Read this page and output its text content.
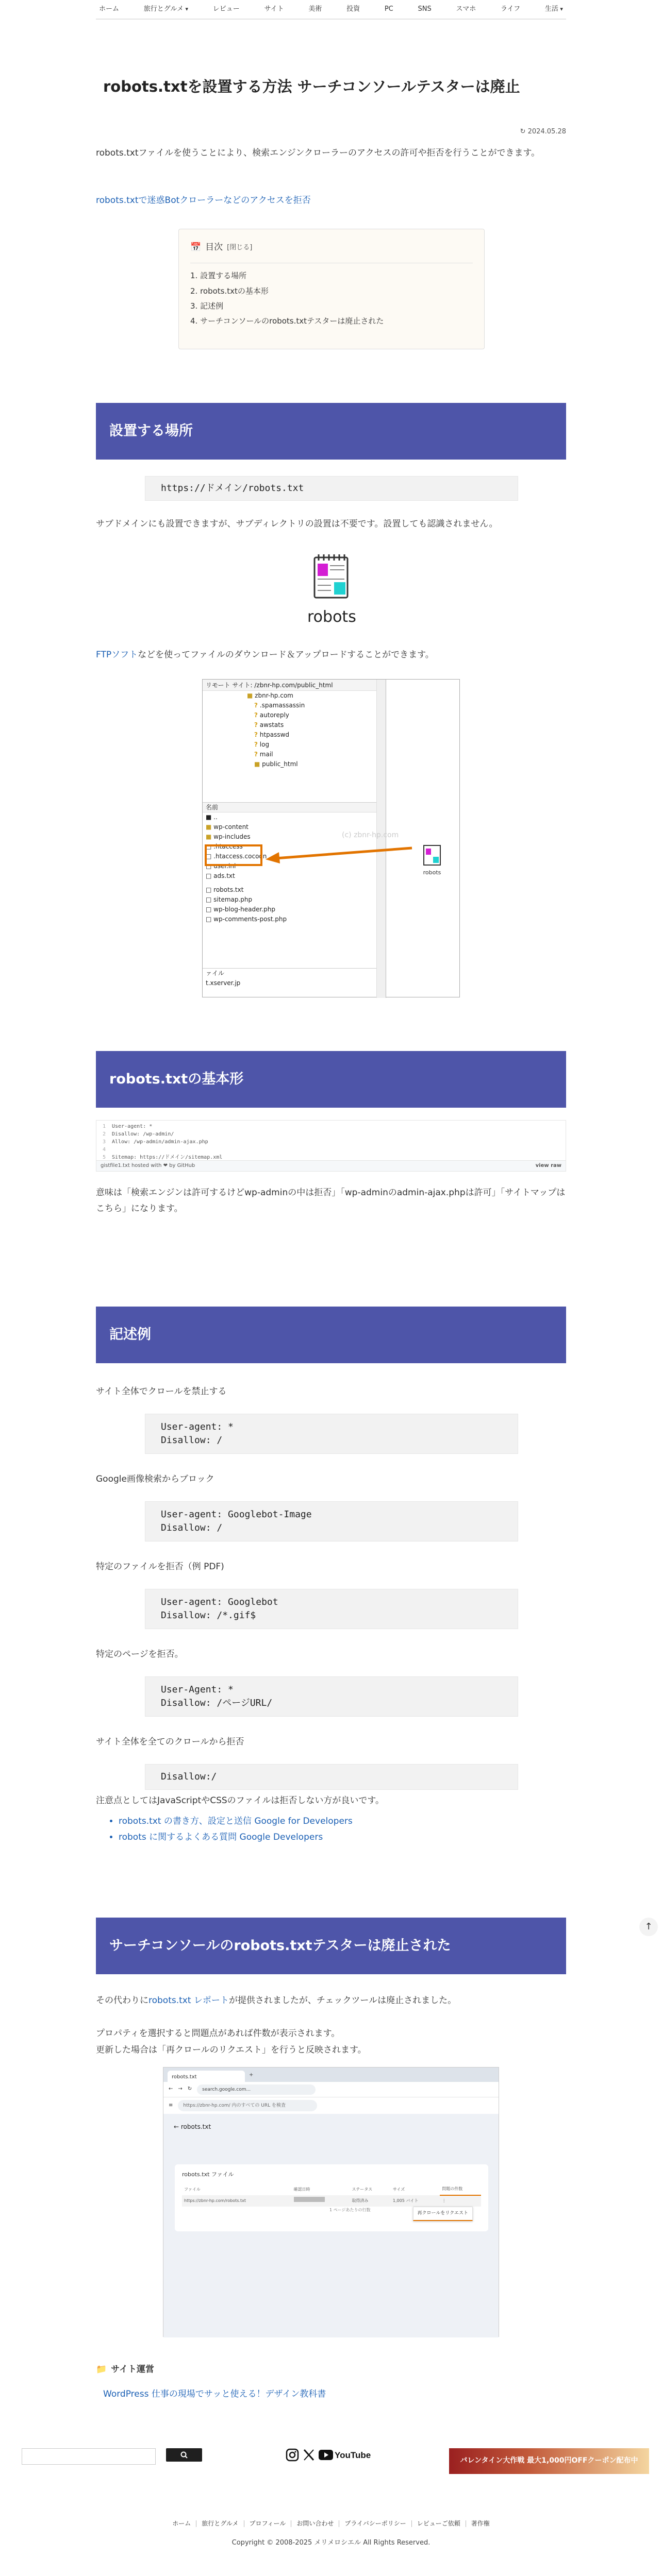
ホーム	旅行とグルメ ▾	レビュー	サイト	美術	投資	PC	SNS	スマホ	ライフ	生活 ▾
robots.txtを設置する方法 サーチコンソールテスターは廃止
↻ 2024.05.28

robots.txtファイルを使うことにより、検索エンジンクローラーのアクセスの許可や拒否を行うことができます。

robots.txtで迷惑Botクローラーなどのアクセスを拒否
📅 目次 [閉じる]
1. 設置する場所
2. robots.txtの基本形
3. 記述例
4. サーチコンソールのrobots.txtテスターは廃止された
設置する場所
https://ドメイン/robots.txt

サブドメインにも設置できますが、サブディレクトリの設置は不要です。設置しても認識されません。

robots

FTPソフトなどを使ってファイルのダウンロード＆アップロードすることができます。

リモート サイト: /zbnr-hp.com/public_html
■ zbnr-hp.com
? .spamassassin
? autoreply
? awstats
? htpasswd
? log
? mail
■ public_html
名前
■ ..
■ wp-content
■ wp-includes
□ .htaccess
□ .htaccess.cocoon
□ user.ini
□ ads.txt
□ robots.txt
□ sitemap.php
□ wp-blog-header.php
□ wp-comments-post.php
ァイル
t.xserver.jp
robots
(c) zbnr-hp.com
robots.txtの基本形
1 User-agent: *
2 Disallow: /wp-admin/
3 Allow: /wp-admin/admin-ajax.php
4
5 Sitemap: https://ドメイン/sitemap.xml
gistfile1.txt hosted with ❤ by GitHub	view raw

意味は「検索エンジンは許可するけどwp-adminの中は拒否」「wp-adminのadmin-ajax.phpは許可」「サイトマップはこちら」になります。

記述例

サイト全体でクロールを禁止する

User-agent: *
Disallow: /

Google画像検索からブロック

User-agent: Googlebot-Image
Disallow: /

特定のファイルを拒否（例 PDF)

User-agent: Googlebot
Disallow: /*.gif$

特定のページを拒否。

User-Agent: *
Disallow: /ページURL/

サイト全体を全てのクロールから拒否

Disallow:/

注意点としてはJavaScriptやCSSのファイルは拒否しない方が良いです。

• robots.txt の書き方、設定と送信 Google for Developers
• robots に関するよくある質問 Google Developers
サーチコンソールのrobots.txtテスターは廃止された
↑

その代わりにrobots.txt レポートが提供されましたが、チェックツールは廃止されました。

プロパティを選択すると問題点があれば件数が表示されます。

更新した場合は「再クロールのリクエスト」を行うと反映されます。

robots.txt	+
← → ↻	search.google.com...
≡	https://zbnr-hp.com/ 内のすべての URL を検査
← robots.txt
robots.txt ファイル
ファイル	確認日時	ステータス	サイズ	問題の件数
https://zbnr-hp.com/robots.txt		取得済み	1,005 バイト	⋮
再クロールをリクエスト
1 ページあたりの行数
📁 サイト運営
WordPress 仕事の現場でサッと使える！デザイン教科書
YouTube
バレンタイン大作戦 最大1,000円OFFクーポン配布中
ホーム	旅行とグルメ	プロフィール	お問い合わせ	プライバシーポリシー	レビューご依頼	著作権
Copyright © 2008-2025 メリメロシエル All Rights Reserved.
